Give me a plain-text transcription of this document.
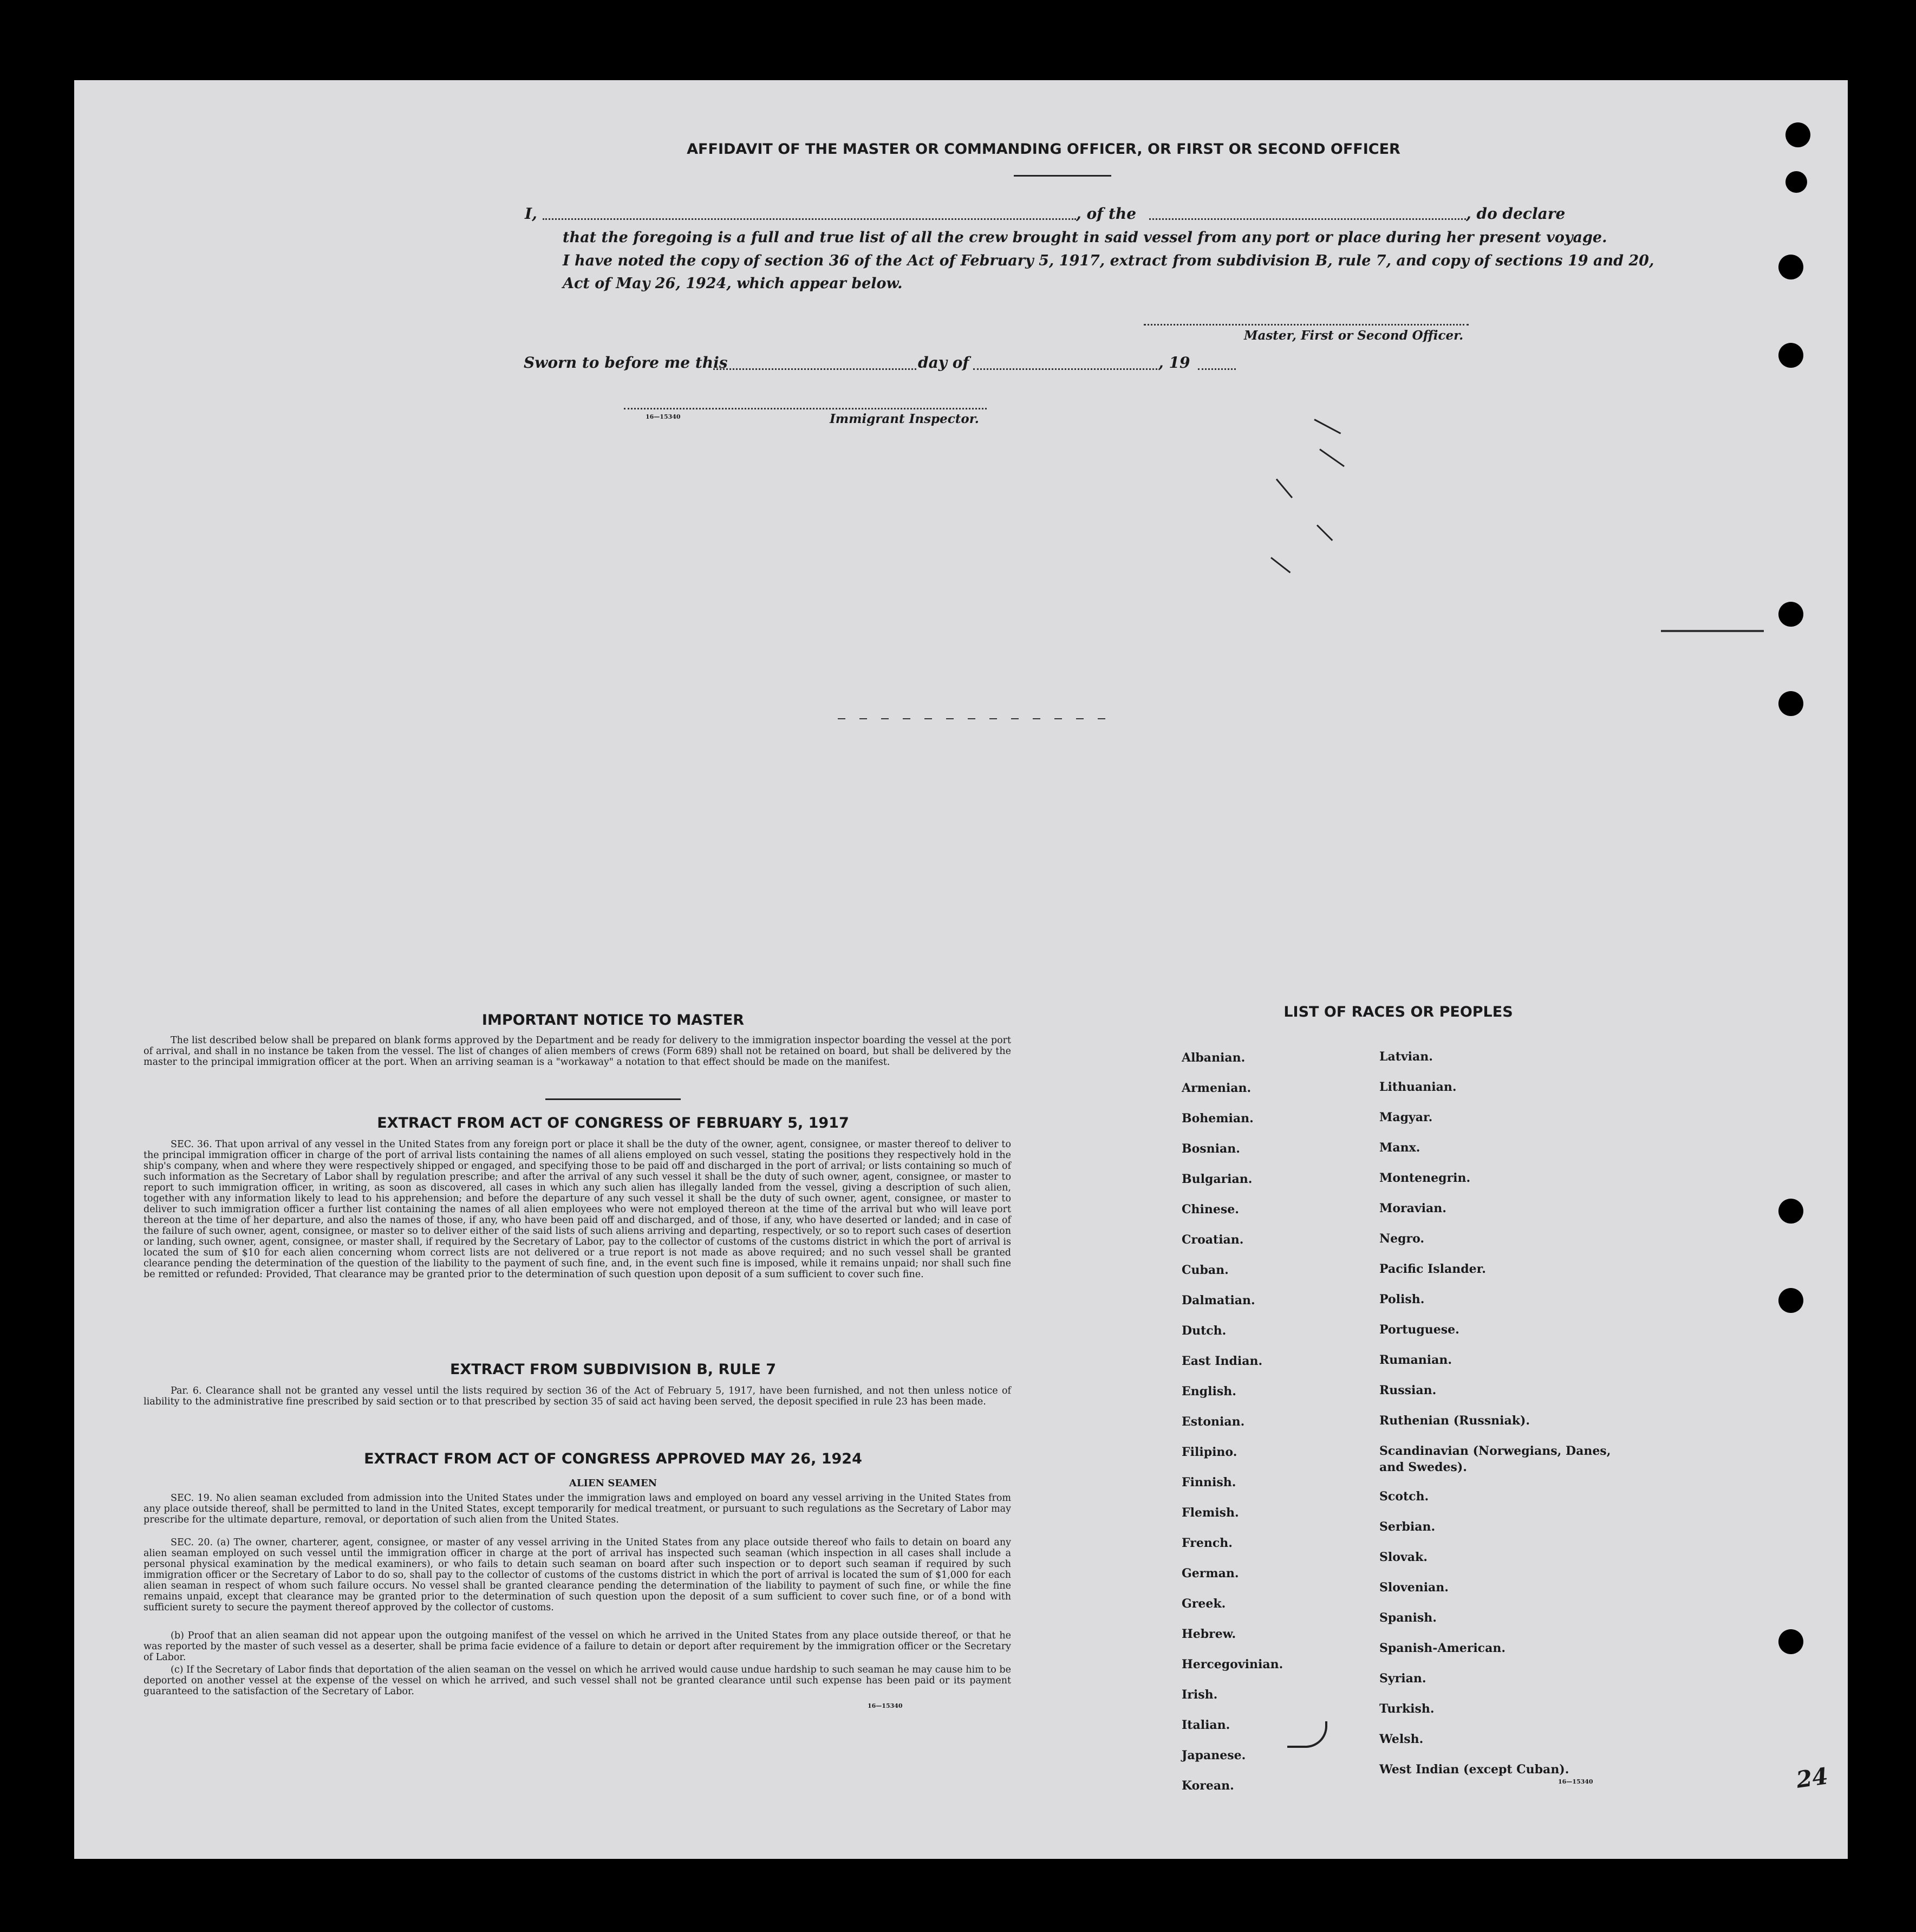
AFFIDAVIT OF THE MASTER OR COMMANDING OFFICER, OR FIRST OR SECOND OFFICER
I,	, of the	, do declare
that the foregoing is a full and true list of all the crew brought in said vessel from any port or place during her present voyage.
I have noted the copy of section 36 of the Act of February 5, 1917, extract from subdivision B, rule 7, and copy of sections 19 and 20,
Act of May 26, 1924, which appear below.
Master, First or Second Officer.
Sworn to before me this	day of	, 19
16—15340	Immigrant Inspector.
IMPORTANT NOTICE TO MASTER
The list described below shall be prepared on blank forms approved by the Department and be ready for delivery to the immigration inspector boarding the vessel at the port of arrival, and shall in no instance be taken from the vessel. The list of changes of alien members of crews (Form 689) shall not be retained on board, but shall be delivered by the master to the principal immigration officer at the port. When an arriving seaman is a "workaway" a notation to that effect should be made on the manifest.
EXTRACT FROM ACT OF CONGRESS OF FEBRUARY 5, 1917
SEC. 36. That upon arrival of any vessel in the United States from any foreign port or place it shall be the duty of the owner, agent, consignee, or master thereof to deliver to the principal immigration officer in charge of the port of arrival lists containing the names of all aliens employed on such vessel, stating the positions they respectively hold in the ship's company, when and where they were respectively shipped or engaged, and specifying those to be paid off and discharged in the port of arrival; or lists containing so much of such information as the Secretary of Labor shall by regulation prescribe; and after the arrival of any such vessel it shall be the duty of such owner, agent, consignee, or master to report to such immigration officer, in writing, as soon as discovered, all cases in which any such alien has illegally landed from the vessel, giving a description of such alien, together with any information likely to lead to his apprehension; and before the departure of any such vessel it shall be the duty of such owner, agent, consignee, or master to deliver to such immigration officer a further list containing the names of all alien employees who were not employed thereon at the time of the arrival but who will leave port thereon at the time of her departure, and also the names of those, if any, who have been paid off and discharged, and of those, if any, who have deserted or landed; and in case of the failure of such owner, agent, consignee, or master so to deliver either of the said lists of such aliens arriving and departing, respectively, or so to report such cases of desertion or landing, such owner, agent, consignee, or master shall, if required by the Secretary of Labor, pay to the collector of customs of the customs district in which the port of arrival is located the sum of $10 for each alien concerning whom correct lists are not delivered or a true report is not made as above required; and no such vessel shall be granted clearance pending the determination of the question of the liability to the payment of such fine, and, in the event such fine is imposed, while it remains unpaid; nor shall such fine be remitted or refunded: Provided, That clearance may be granted prior to the determination of such question upon deposit of a sum sufficient to cover such fine.
EXTRACT FROM SUBDIVISION B, RULE 7
Par. 6. Clearance shall not be granted any vessel until the lists required by section 36 of the Act of February 5, 1917, have been furnished, and not then unless notice of liability to the administrative fine prescribed by said section or to that prescribed by section 35 of said act having been served, the deposit specified in rule 23 has been made.
EXTRACT FROM ACT OF CONGRESS APPROVED MAY 26, 1924
ALIEN SEAMEN
SEC. 19. No alien seaman excluded from admission into the United States under the immigration laws and employed on board any vessel arriving in the United States from any place outside thereof, shall be permitted to land in the United States, except temporarily for medical treatment, or pursuant to such regulations as the Secretary of Labor may prescribe for the ultimate departure, removal, or deportation of such alien from the United States.
SEC. 20. (a) The owner, charterer, agent, consignee, or master of any vessel arriving in the United States from any place outside thereof who fails to detain on board any alien seaman employed on such vessel until the immigration officer in charge at the port of arrival has inspected such seaman (which inspection in all cases shall include a personal physical examination by the medical examiners), or who fails to detain such seaman on board after such inspection or to deport such seaman if required by such immigration officer or the Secretary of Labor to do so, shall pay to the collector of customs of the customs district in which the port of arrival is located the sum of $1,000 for each alien seaman in respect of whom such failure occurs. No vessel shall be granted clearance pending the determination of the liability to payment of such fine, or while the fine remains unpaid, except that clearance may be granted prior to the determination of such question upon the deposit of a sum sufficient to cover such fine, or of a bond with sufficient surety to secure the payment thereof approved by the collector of customs.
(b) Proof that an alien seaman did not appear upon the outgoing manifest of the vessel on which he arrived in the United States from any place outside thereof, or that he was reported by the master of such vessel as a deserter, shall be prima facie evidence of a failure to detain or deport after requirement by the immigration officer or the Secretary of Labor.
(c) If the Secretary of Labor finds that deportation of the alien seaman on the vessel on which he arrived would cause undue hardship to such seaman he may cause him to be deported on another vessel at the expense of the vessel on which he arrived, and such vessel shall not be granted clearance until such expense has been paid or its payment guaranteed to the satisfaction of the Secretary of Labor.
16—15340
LIST OF RACES OR PEOPLES
Albanian.
Armenian.
Bohemian.
Bosnian.
Bulgarian.
Chinese.
Croatian.
Cuban.
Dalmatian.
Dutch.
East Indian.
English.
Estonian.
Filipino.
Finnish.
Flemish.
French.
German.
Greek.
Hebrew.
Hercegovinian.
Irish.
Italian.
Japanese.
Korean.
Latvian.
Lithuanian.
Magyar.
Manx.
Montenegrin.
Moravian.
Negro.
Pacific Islander.
Polish.
Portuguese.
Rumanian.
Russian.
Ruthenian (Russniak).
Scandinavian (Norwegians, Danes, and Swedes).
Scotch.
Serbian.
Slovak.
Slovenian.
Spanish.
Spanish-American.
Syrian.
Turkish.
Welsh.
West Indian (except Cuban).
16—15340	24
